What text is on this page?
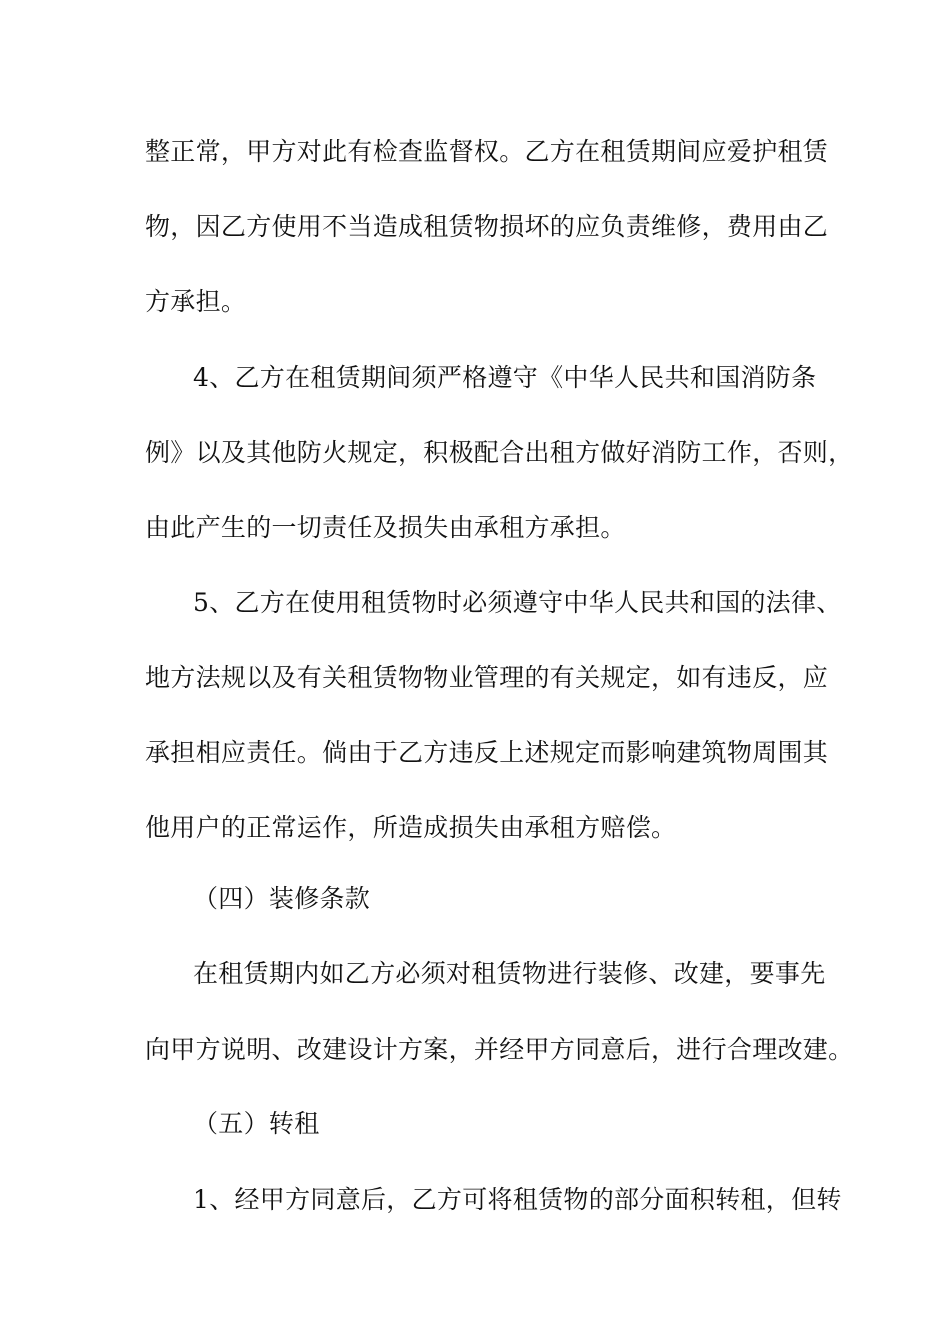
整正常，甲方对此有检查监督权。乙方在租赁期间应爱护租赁
物，因乙方使用不当造成租赁物损坏的应负责维修，费用由乙
方承担。
4、乙方在租赁期间须严格遵守《中华人民共和国消防条
例》以及其他防火规定，积极配合出租方做好消防工作，否则，
由此产生的一切责任及损失由承租方承担。
5、乙方在使用租赁物时必须遵守中华人民共和国的法律、
地方法规以及有关租赁物物业管理的有关规定，如有违反，应
承担相应责任。倘由于乙方违反上述规定而影响建筑物周围其
他用户的正常运作，所造成损失由承租方赔偿。
（四）装修条款
在租赁期内如乙方必须对租赁物进行装修、改建，要事先
向甲方说明、改建设计方案，并经甲方同意后，进行合理改建。
（五）转租
1、经甲方同意后，乙方可将租赁物的部分面积转租，但转
